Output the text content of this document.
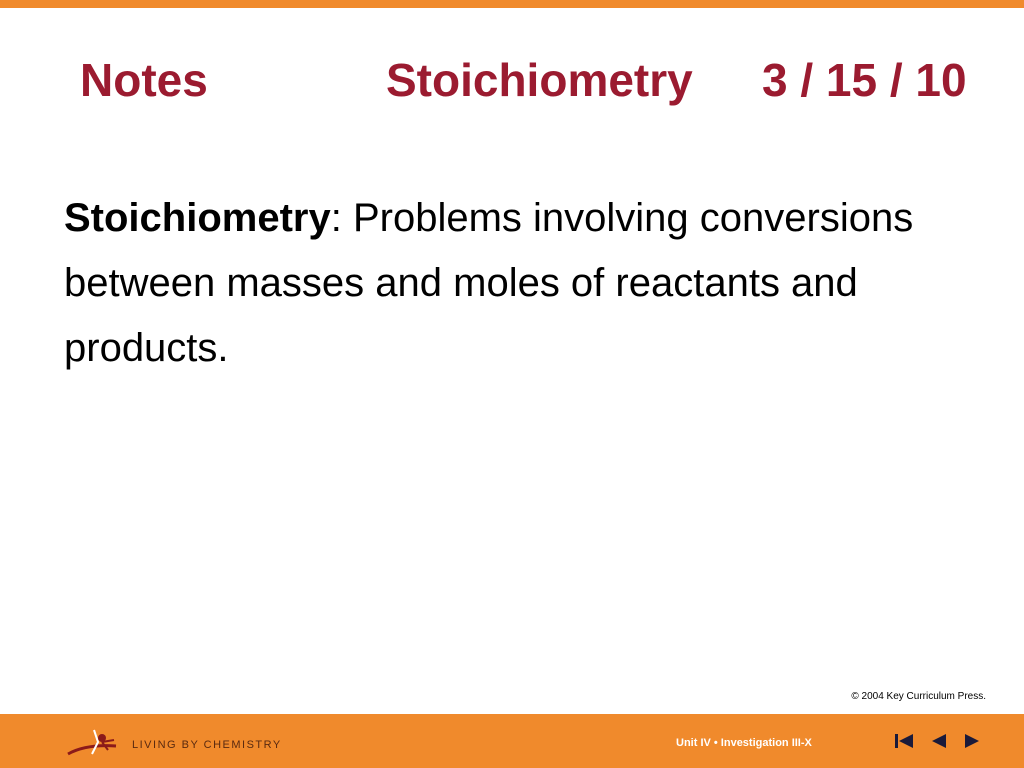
Notes	Stoichiometry 3 / 15 / 10
Stoichiometry: Problems involving conversions between masses and moles of reactants and products.
© 2004 Key Curriculum Press.
LIVING BY CHEMISTRY	Unit IV • Investigation III-X
